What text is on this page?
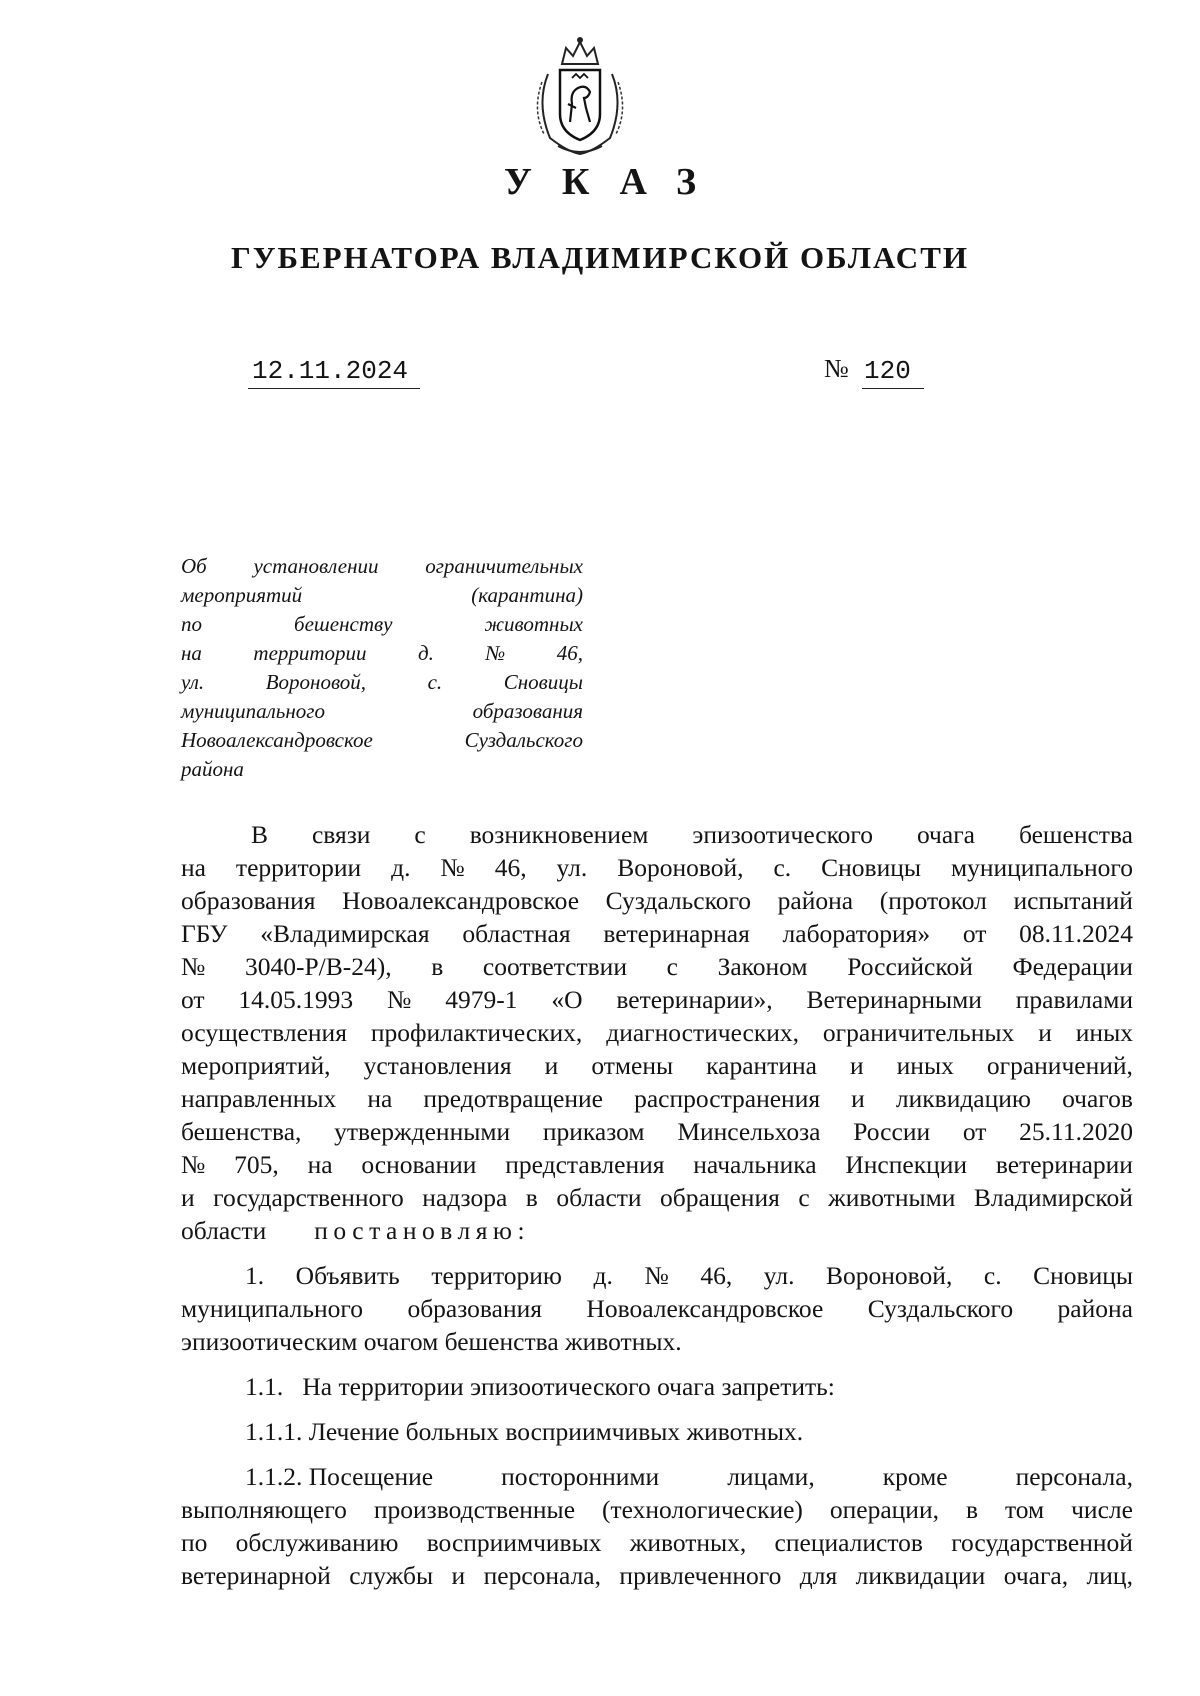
УКАЗ
ГУБЕРНАТОРА ВЛАДИМИРСКОЙ ОБЛАСТИ
12.11.2024	№ 120
Об установлении ограничительных
мероприятий	(карантина)
по	бешенству	животных
на территории д. № 46,
ул.	Вороновой,	с.	Сновицы
муниципального	образования
Новоалександровское	Суздальского
района
В связи с возникновением эпизоотического очага бешенства
на территории д. № 46, ул. Вороновой, с. Сновицы муниципального
образования Новоалександровское Суздальского района (протокол испытаний
ГБУ «Владимирская областная ветеринарная лаборатория» от 08.11.2024
№ 3040-Р/В-24), в соответствии с Законом Российской Федерации
от 14.05.1993 № 4979-1 «О ветеринарии», Ветеринарными правилами
осуществления профилактических, диагностических, ограничительных и иных
мероприятий, установления и отмены карантина и иных ограничений,
направленных на предотвращение распространения и ликвидацию очагов
бешенства, утвержденными приказом Минсельхоза России от 25.11.2020
№ 705, на основании представления начальника Инспекции ветеринарии
и государственного надзора в области обращения с животными Владимирской
области постановляю:
1. Объявить территорию д. № 46, ул. Вороновой, с. Сновицы
муниципального образования Новоалександровское Суздальского района
эпизоотическим очагом бешенства животных.
1.1.   На территории эпизоотического очага запретить:
1.1.1. Лечение больных восприимчивых животных.
1.1.2. Посещение	посторонними	лицами,	кроме	персонала,
выполняющего производственные (технологические) операции, в том числе
по обслуживанию восприимчивых животных, специалистов государственной
ветеринарной службы и персонала, привлеченного для ликвидации очага, лиц,
